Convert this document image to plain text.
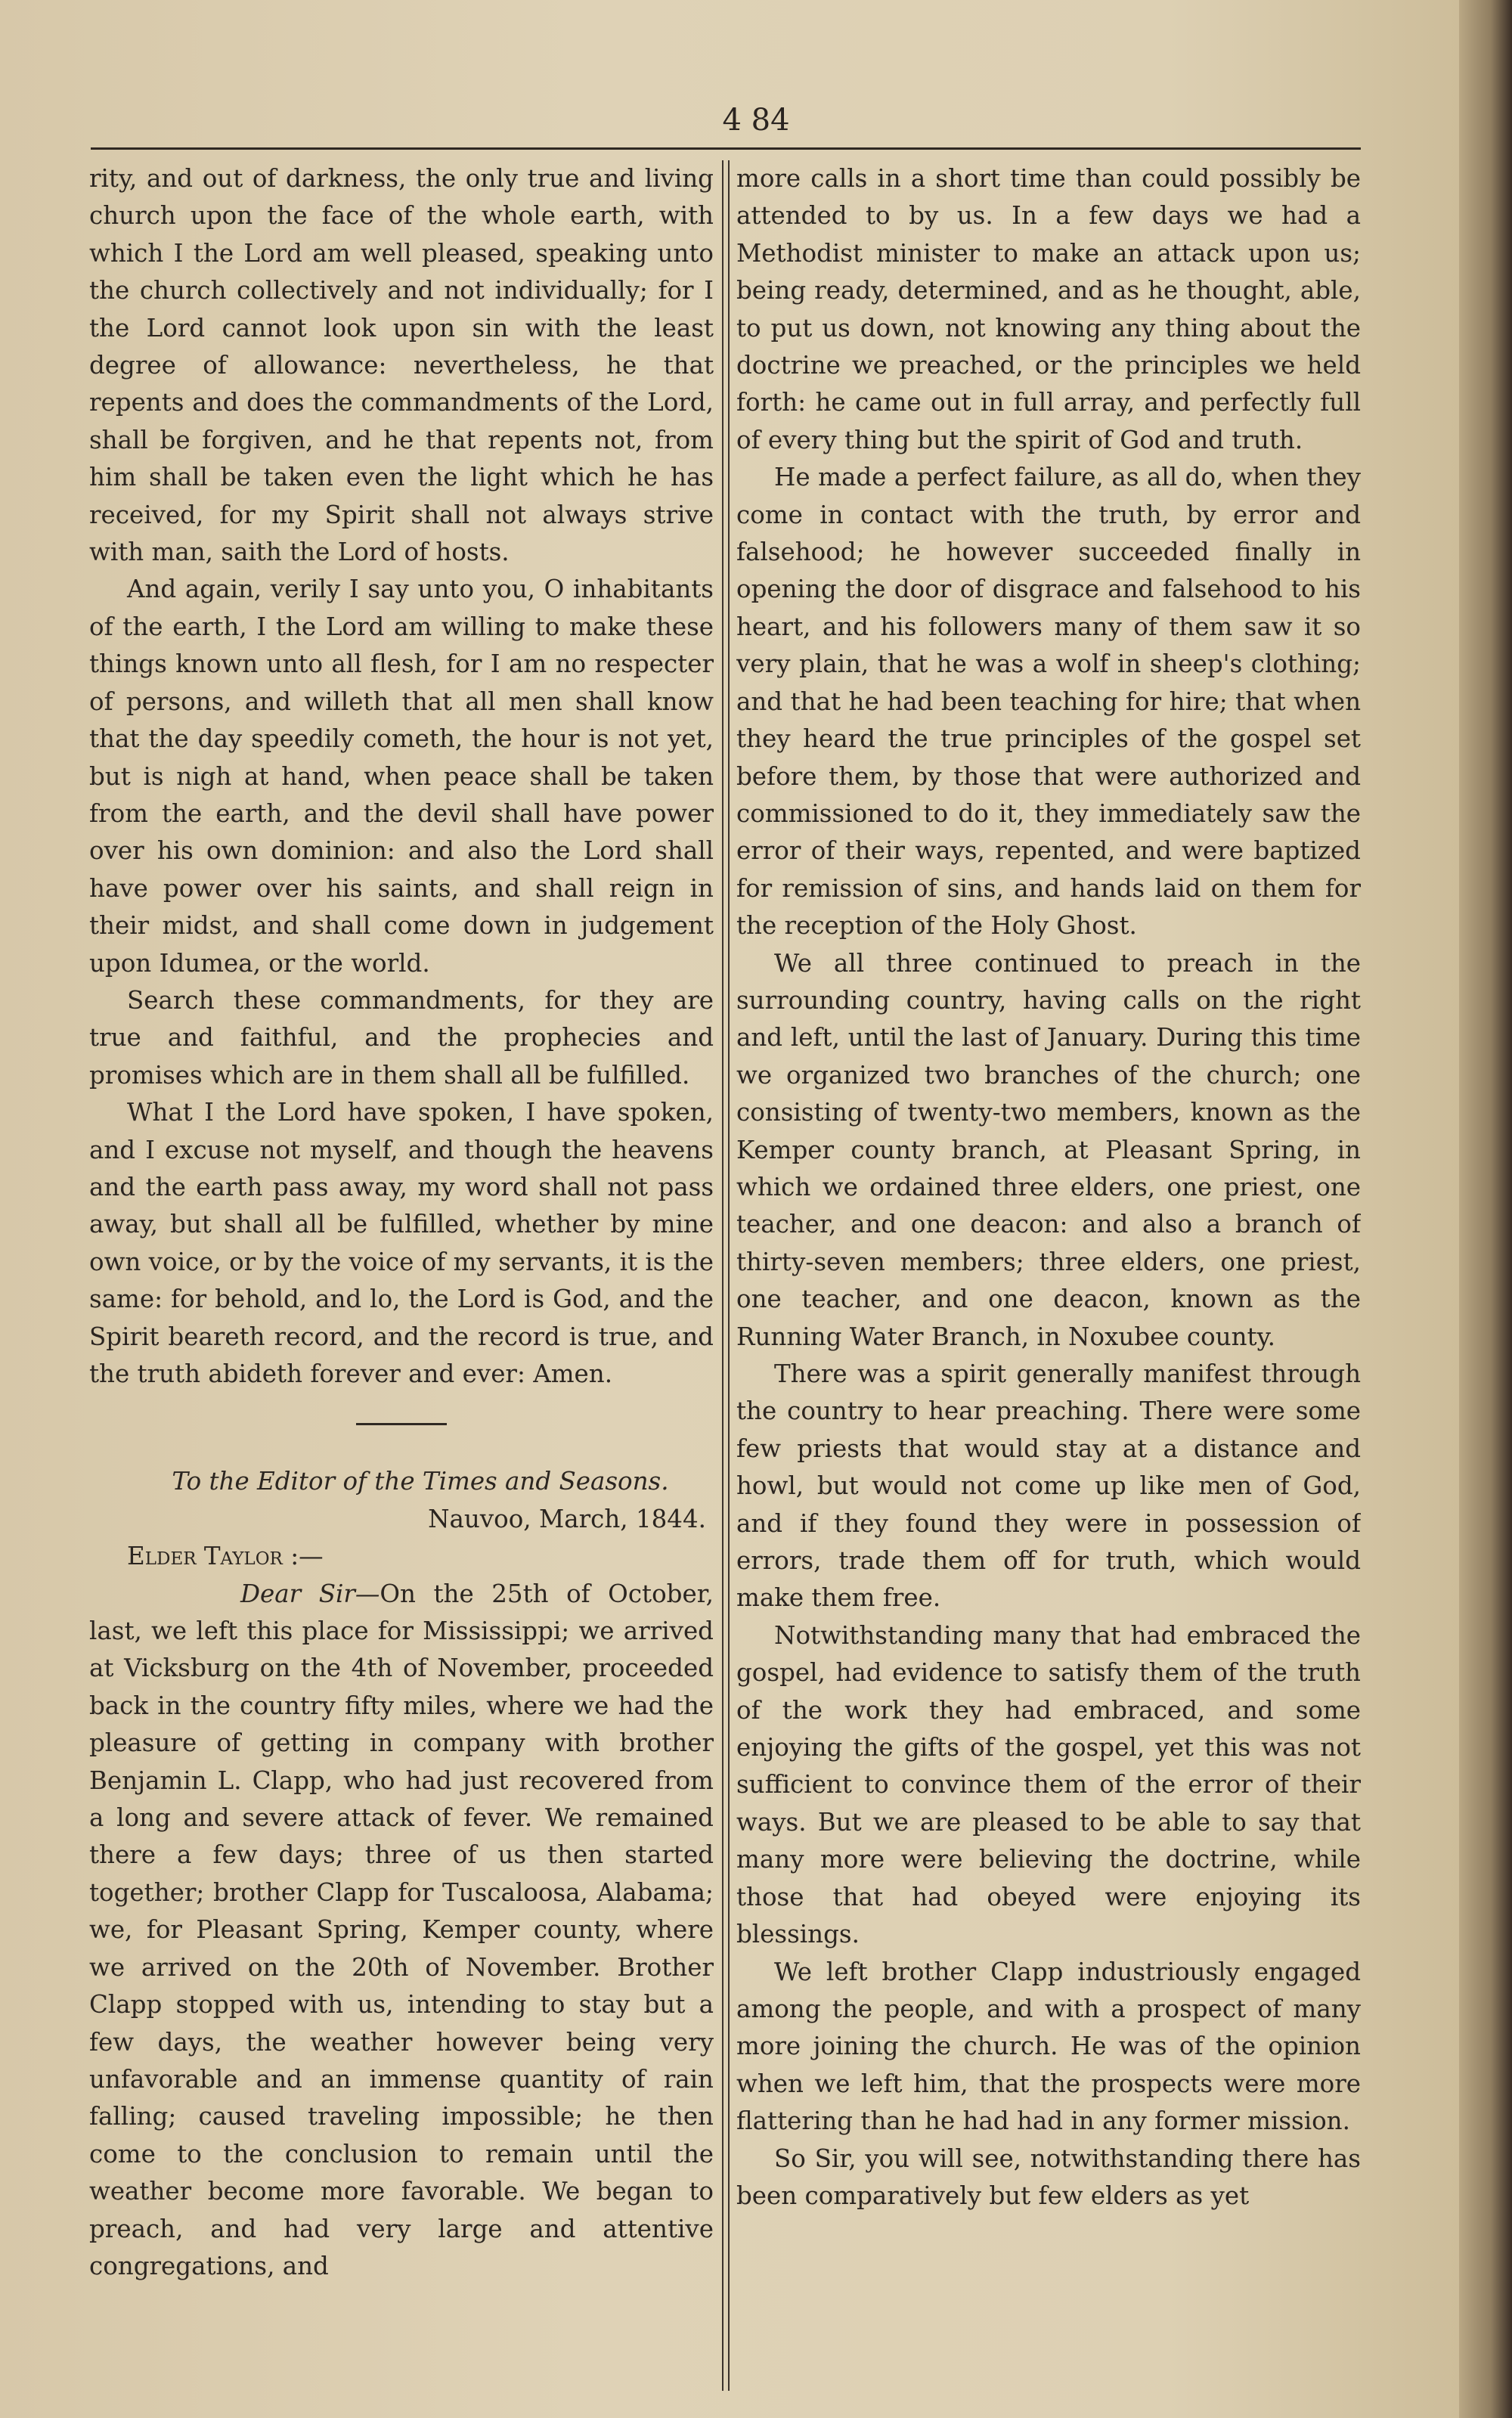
4 84

rity, and out of darkness, the only true and living church upon the face of the whole earth, with which I the Lord am well pleased, speaking unto the church collectively and not individually; for I the Lord cannot look upon sin with the least degree of allowance: nevertheless, he that repents and does the commandments of the Lord, shall be forgiven, and he that repents not, from him shall be taken even the light which he has received, for my Spirit shall not always strive with man, saith the Lord of hosts.

And again, verily I say unto you, O inhabitants of the earth, I the Lord am willing to make these things known unto all flesh, for I am no respecter of persons, and willeth that all men shall know that the day speedily cometh, the hour is not yet, but is nigh at hand, when peace shall be taken from the earth, and the devil shall have power over his own dominion: and also the Lord shall have power over his saints, and shall reign in their midst, and shall come down in judgement upon Idumea, or the world.

Search these commandments, for they are true and faithful, and the prophecies and promises which are in them shall all be fulfilled.

What I the Lord have spoken, I have spoken, and I excuse not myself, and though the heavens and the earth pass away, my word shall not pass away, but shall all be fulfilled, whether by mine own voice, or by the voice of my servants, it is the same: for behold, and lo, the Lord is God, and the Spirit beareth record, and the record is true, and the truth abideth forever and ever: Amen.

To the Editor of the Times and Seasons.

Nauvoo, March, 1844.

Elder Taylor :—

Dear Sir—On the 25th of October, last, we left this place for Mississippi; we arrived at Vicksburg on the 4th of November, proceeded back in the country fifty miles, where we had the pleasure of getting in company with brother Benjamin L. Clapp, who had just recovered from a long and severe attack of fever. We remained there a few days; three of us then started together; brother Clapp for Tuscaloosa, Alabama; we, for Pleasant Spring, Kemper county, where we arrived on the 20th of November. Brother Clapp stopped with us, intending to stay but a few days, the weather however being very unfavorable and an immense quantity of rain falling; caused traveling impossible; he then come to the conclusion to remain until the weather become more favorable. We began to preach, and had very large and attentive congregations, and

more calls in a short time than could possibly be attended to by us. In a few days we had a Methodist minister to make an attack upon us; being ready, determined, and as he thought, able, to put us down, not knowing any thing about the doctrine we preached, or the principles we held forth: he came out in full array, and perfectly full of every thing but the spirit of God and truth.

He made a perfect failure, as all do, when they come in contact with the truth, by error and falsehood; he however succeeded finally in opening the door of disgrace and falsehood to his heart, and his followers many of them saw it so very plain, that he was a wolf in sheep's clothing; and that he had been teaching for hire; that when they heard the true principles of the gospel set before them, by those that were authorized and commissioned to do it, they immediately saw the error of their ways, repented, and were baptized for remission of sins, and hands laid on them for the reception of the Holy Ghost.

We all three continued to preach in the surrounding country, having calls on the right and left, until the last of January. During this time we organized two branches of the church; one consisting of twenty-two members, known as the Kemper county branch, at Pleasant Spring, in which we ordained three elders, one priest, one teacher, and one deacon: and also a branch of thirty-seven members; three elders, one priest, one teacher, and one deacon, known as the Running Water Branch, in Noxubee county.

There was a spirit generally manifest through the country to hear preaching. There were some few priests that would stay at a distance and howl, but would not come up like men of God, and if they found they were in possession of errors, trade them off for truth, which would make them free.

Notwithstanding many that had embraced the gospel, had evidence to satisfy them of the truth of the work they had embraced, and some enjoying the gifts of the gospel, yet this was not sufficient to convince them of the error of their ways. But we are pleased to be able to say that many more were believing the doctrine, while those that had obeyed were enjoying its blessings.

We left brother Clapp industriously engaged among the people, and with a prospect of many more joining the church. He was of the opinion when we left him, that the prospects were more flattering than he had had in any former mission.

So Sir, you will see, notwithstanding there has been comparatively but few elders as yet
